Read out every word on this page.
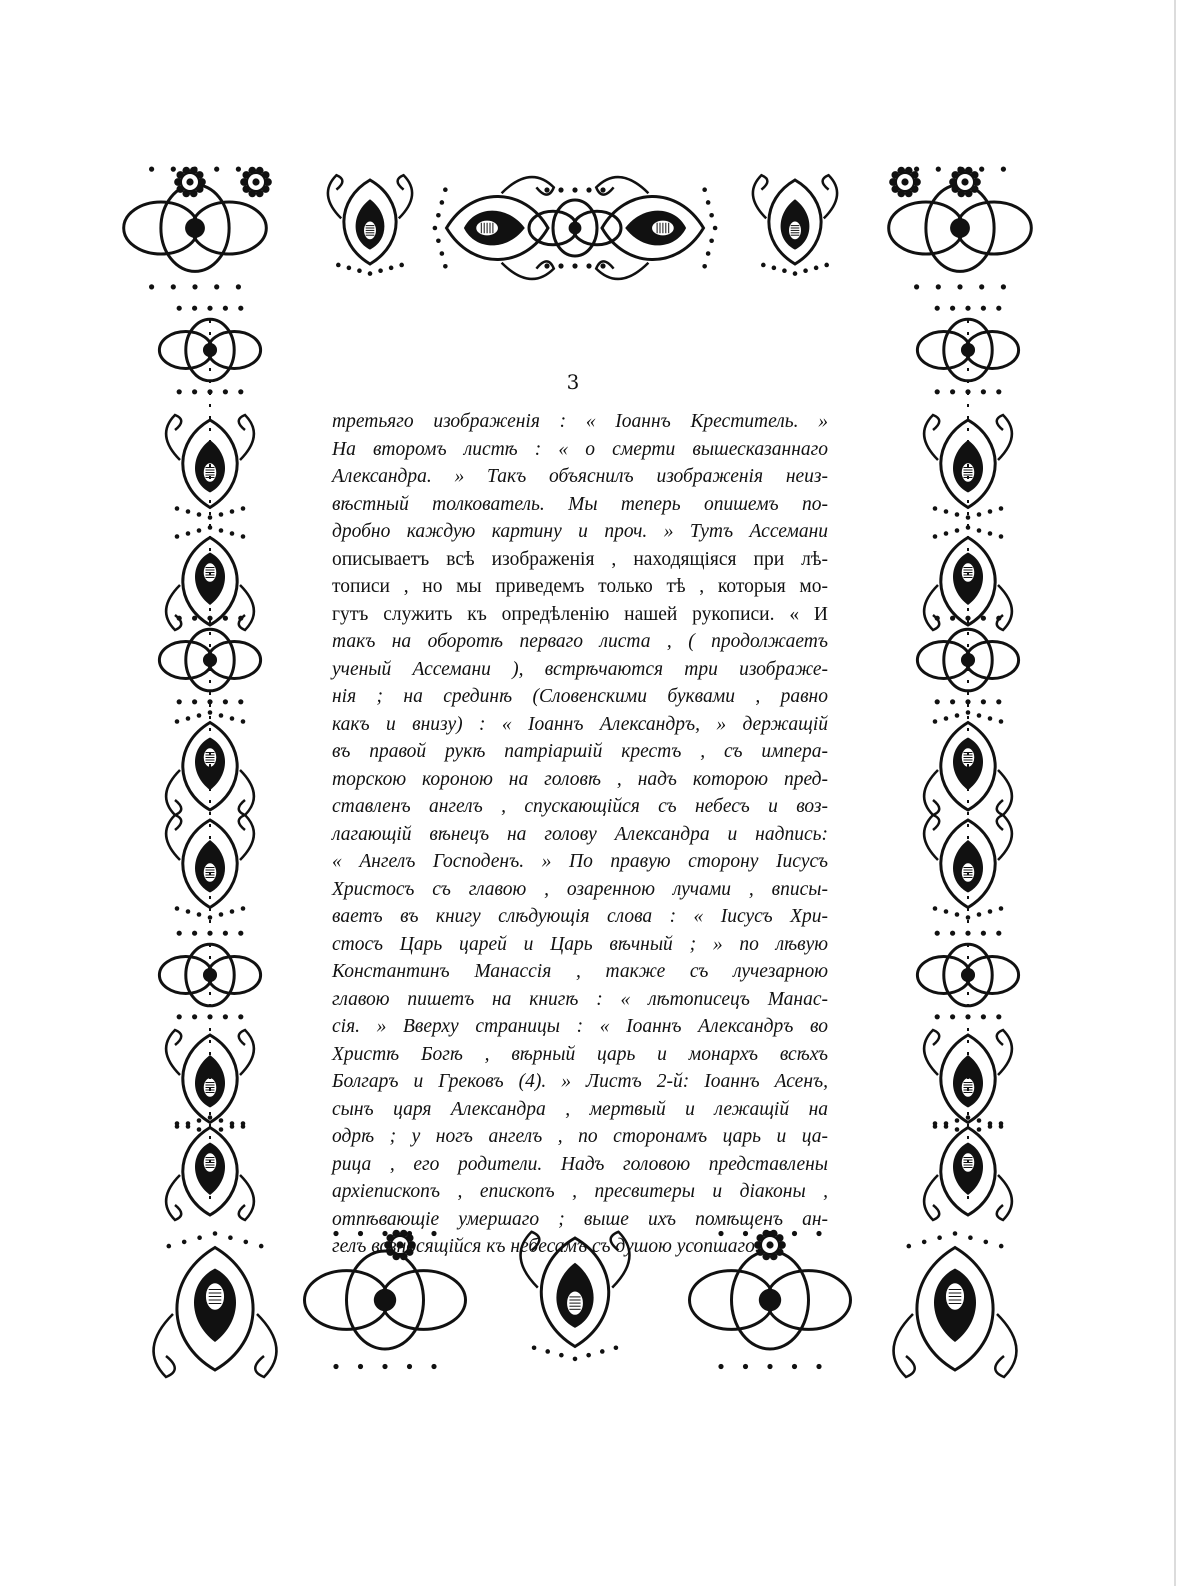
3
третьяго изображенія : « Іоаннъ Креститель. »
На второмъ листѣ : « о смерти вышесказаннаго
Александра. » Такъ объяснилъ изображенія неиз-
вѣстный толкователь. Мы теперь опишемъ по-
дробно каждую картину и проч. » Тутъ Ассемани
описываетъ всѣ изображенія , находящіяся при лѣ-
тописи , но мы приведемъ только тѣ , которыя мо-
гутъ служить къ опредѣленію нашей рукописи. « И
такъ на оборотѣ перваго листа , ( продолжаетъ
ученый Ассемани ), встрѣчаются три изображе-
нія ; на срединѣ (Словенскими буквами , равно
какъ и внизу) : « Іоаннъ Александръ, » держащій
въ правой рукѣ патріаршій крестъ , съ импера-
торскою короною на головѣ , надъ которою пред-
ставленъ ангелъ , спускающійся съ небесъ и воз-
лагающій вѣнецъ на голову Александра и надпись:
« Ангелъ Господенъ. » По правую сторону Іисусъ
Христосъ съ главою , озаренною лучами , вписы-
ваетъ въ книгу слѣдующія слова : « Іисусъ Хри-
стосъ Царь царей и Царь вѣчный ; » по лѣвую
Константинъ Манассія , также съ лучезарною
главою пишетъ на книгѣ : « лѣтописецъ Манас-
сія. » Вверху страницы : « Іоаннъ Александръ во
Христѣ Богѣ , вѣрный царь и монархъ всѣхъ
Болгаръ и Грековъ (4). » Листъ 2-й: Іоаннъ Асенъ,
сынъ царя Александра , мертвый и лежащій на
одрѣ ; у ногъ ангелъ , по сторонамъ царь и ца-
рица , его родители. Надъ головою представлены
архіепископъ , епископъ , пресвитеры и діаконы ,
отпѣвающіе умершаго ; выше ихъ помѣщенъ ан-
гелъ возносящійся къ небесамъ съ душою усопшаго.
